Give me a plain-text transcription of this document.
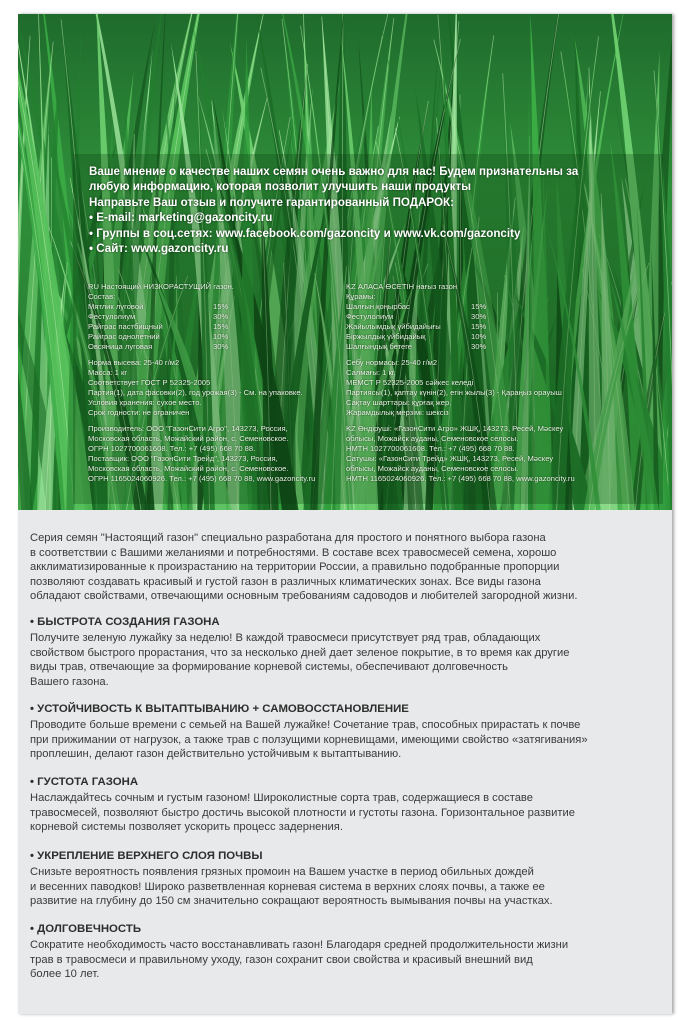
Ваше мнение о качестве наших семян очень важно для нас! Будем признательны за
любую информацию, которая позволит улучшить наши продукты
Направьте Ваш отзыв и получите гарантированный ПОДАРОК:
• E-mail: marketing@gazoncity.ru
• Группы в соц.сетях: www.facebook.com/gazoncity и www.vk.com/gazoncity
• Сайт: www.gazoncity.ru
RU Настоящий НИЗКОРАСТУЩИЙ газон.
Состав:
Мятлик луговой	15%
Фестулолиум	30%
Райграс пастбищный	15%
Райграс однолетний	10%
Овсяница луговая	30%
Норма высева: 25-40 г/м2
Масса: 1 кг
Соответствует ГОСТ Р 52325-2005
Партия(1), дата фасовки(2), год урожая(3) - См. на упаковке.
Условия хранения: сухое место.
Срок годности: не ограничен
Производитель: ООО "ГазонСити Агро", 143273, Россия,
Московская область, Можайский район, с. Семеновское.
ОГРН 1027700061608. Тел.: +7 (495) 668 70 88.
Поставщик: ООО "ГазонСити Трейд", 143273, Россия,
Московская область, Можайский район, с. Семеновское.
ОГРН 1165024060926. Тел.: +7 (495) 668 70 88, www.gazoncity.ru
KZ АЛАСА ӨСЕТІН нағыз газон
Құрамы:
Шалғын қоңырбас	15%
Фестулолиум	30%
Жайылымдық үйбидайығы	15%
Біржылдық үйбидайық	10%
Шалғындық бетеге	30%
Себу нормасы: 25-40 г/м2
Салмағы: 1 кг.
МЕМСТ Р 52325-2005 сәйкес келеді
Партиясы(1), қаптау күнін(2), егін жылы(3) - Қараңыз орауыш
Сақтау шарттары: құрғақ жер.
Жарамдылық мерзімі: шексіз
KZ Өндіруші: «ГазонСити Агро» ЖШҚ, 143273, Ресей, Мәскеу
облысы, Можайск ауданы, Семеновское селосы.
НМТН 1027700061608. Тел.: +7 (495) 668 70 88.
Сатушы: «ГазонСити Трейд» ЖШҚ, 143273, Ресей, Мәскеу
облысы, Можайск ауданы, Семеновское селосы.
НМТН 1165024060926. Тел.: +7 (495) 668 70 88, www.gazoncity.ru
Серия семян "Настоящий газон" специально разработана для простого и понятного выбора газона
в соответствии с Вашими желаниями и потребностями. В составе всех травосмесей семена, хорошо
акклиматизированные к произрастанию на территории России, а правильно подобранные пропорции
позволяют создавать красивый и густой газон в различных климатических зонах. Все виды газона
обладают свойствами, отвечающими основным требованиям садоводов и любителей загородной жизни.
• БЫСТРОТА СОЗДАНИЯ ГАЗОНА
Получите зеленую лужайку за неделю! В каждой травосмеси присутствует ряд трав, обладающих
свойством быстрого прорастания, что за несколько дней дает зеленое покрытие, в то время как другие
виды трав, отвечающие за формирование корневой системы, обеспечивают долговечность
Вашего газона.
• УСТОЙЧИВОСТЬ К ВЫТАПТЫВАНИЮ + САМОВОССТАНОВЛЕНИЕ
Проводите больше времени с семьей на Вашей лужайке! Сочетание трав, способных прирастать к почве
при прижимании от нагрузок, а также трав с ползущими корневищами, имеющими свойство «затягивания»
проплешин, делают газон действительно устойчивым к вытаптыванию.
• ГУСТОТА ГАЗОНА
Наслаждайтесь сочным и густым газоном! Широколистные сорта трав, содержащиеся в составе
травосмесей, позволяют быстро достичь высокой плотности и густоты газона. Горизонтальное развитие
корневой системы позволяет ускорить процесс задернения.
• УКРЕПЛЕНИЕ ВЕРХНЕГО СЛОЯ ПОЧВЫ
Снизьте вероятность появления грязных промоин на Вашем участке в период обильных дождей
и весенних паводков! Широко разветвленная корневая система в верхних слоях почвы, а также ее
развитие на глубину до 150 см значительно сокращают вероятность вымывания почвы на участках.
• ДОЛГОВЕЧНОСТЬ
Сократите необходимость часто восстанавливать газон! Благодаря средней продолжительности жизни
трав в травосмеси и правильному уходу, газон сохранит свои свойства и красивый внешний вид
более 10 лет.
